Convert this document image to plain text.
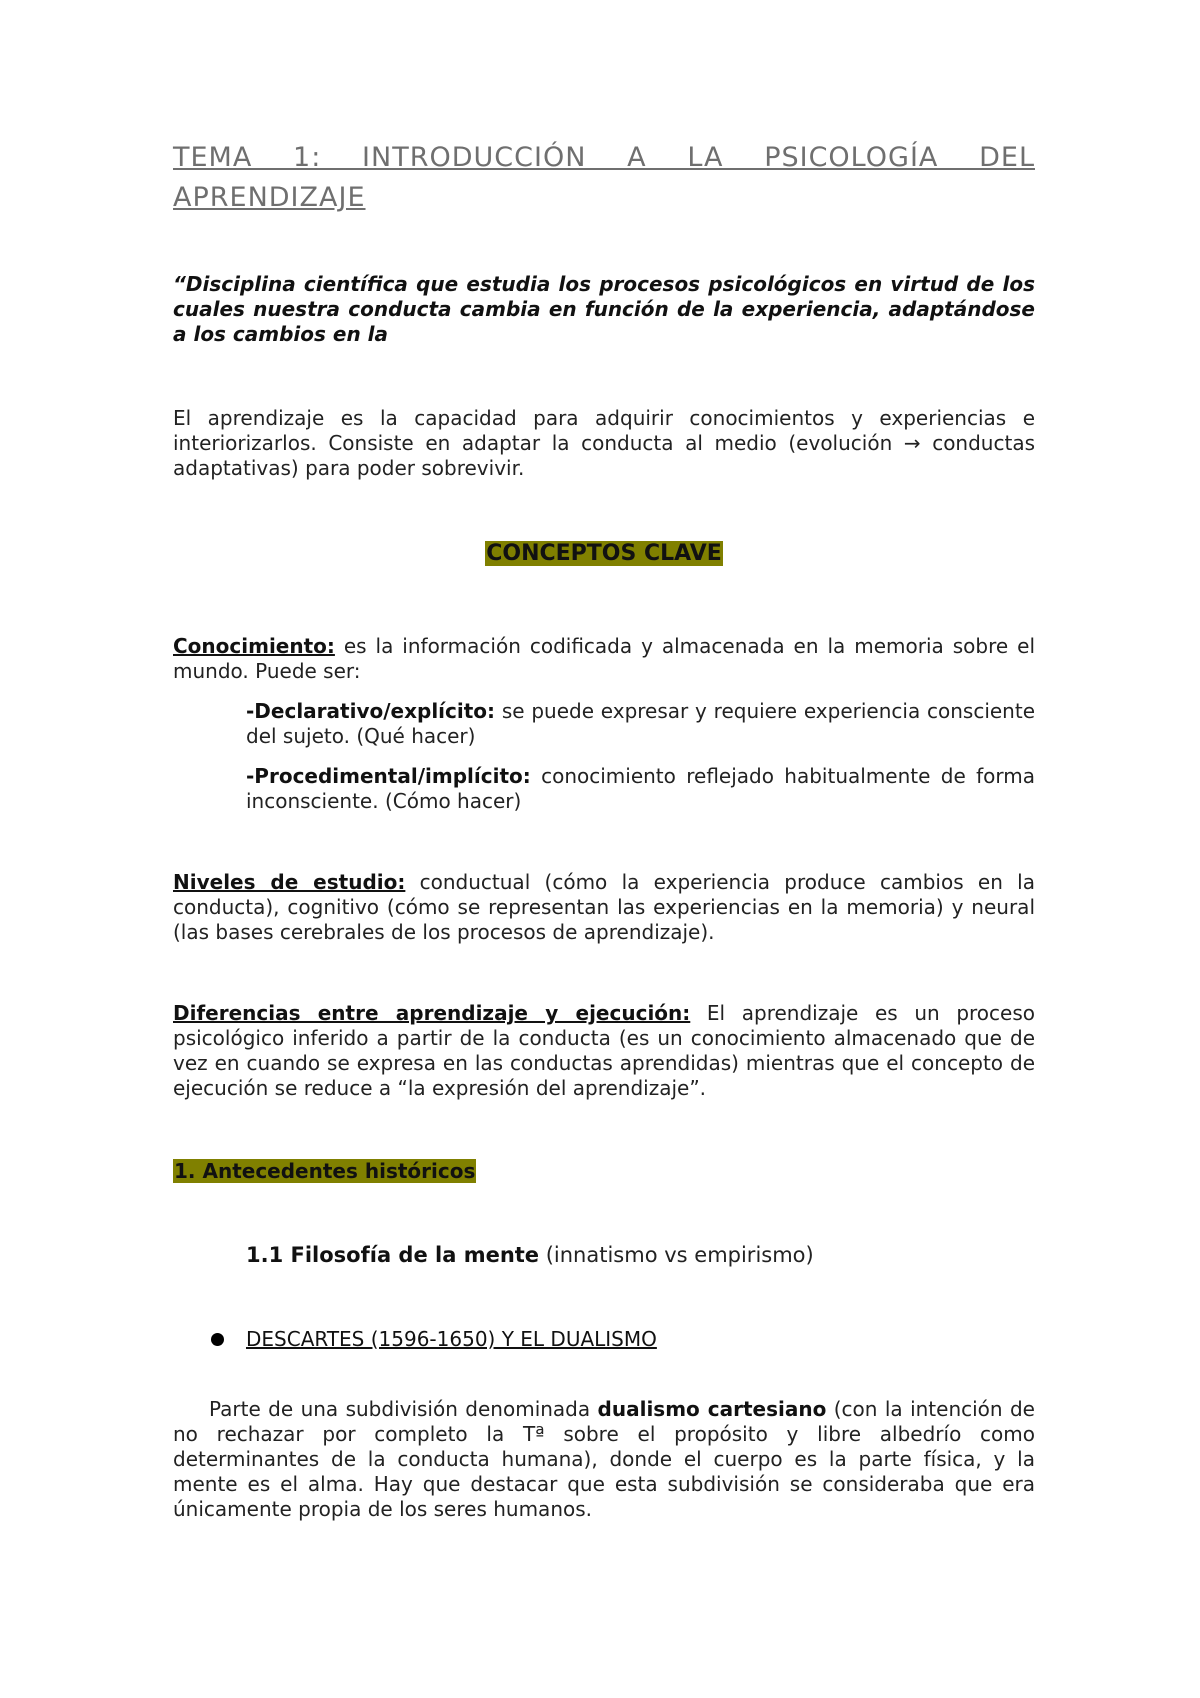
TEMA 1: INTRODUCCIÓN A LA PSICOLOGÍA DEL APRENDIZAJE

“Disciplina científica que estudia los procesos psicológicos en virtud de los cuales nuestra conducta cambia en función de la experiencia, adaptándose a los cambios en la

El aprendizaje es la capacidad para adquirir conocimientos y experiencias e interiorizarlos. Consiste en adaptar la conducta al medio (evolución → conductas adaptativas) para poder sobrevivir.

CONCEPTOS CLAVE

Conocimiento: es la información codificada y almacenada en la memoria sobre el mundo. Puede ser:

-Declarativo/explícito: se puede expresar y requiere experiencia consciente del sujeto. (Qué hacer)

-Procedimental/implícito: conocimiento reflejado habitualmente de forma inconsciente. (Cómo hacer)

Niveles de estudio: conductual (cómo la experiencia produce cambios en la conducta), cognitivo (cómo se representan las experiencias en la memoria) y neural (las bases cerebrales de los procesos de aprendizaje).

Diferencias entre aprendizaje y ejecución: El aprendizaje es un proceso psicológico inferido a partir de la conducta (es un conocimiento almacenado que de vez en cuando se expresa en las conductas aprendidas) mientras que el concepto de ejecución se reduce a “la expresión del aprendizaje”.

1. Antecedentes históricos

1.1 Filosofía de la mente (innatismo vs empirismo)

DESCARTES (1596-1650) Y EL DUALISMO

Parte de una subdivisión denominada dualismo cartesiano (con la intención de no rechazar por completo la Tª sobre el propósito y libre albedrío como determinantes de la conducta humana), donde el cuerpo es la parte física, y la mente es el alma. Hay que destacar que esta subdivisión se consideraba que era únicamente propia de los seres humanos.
